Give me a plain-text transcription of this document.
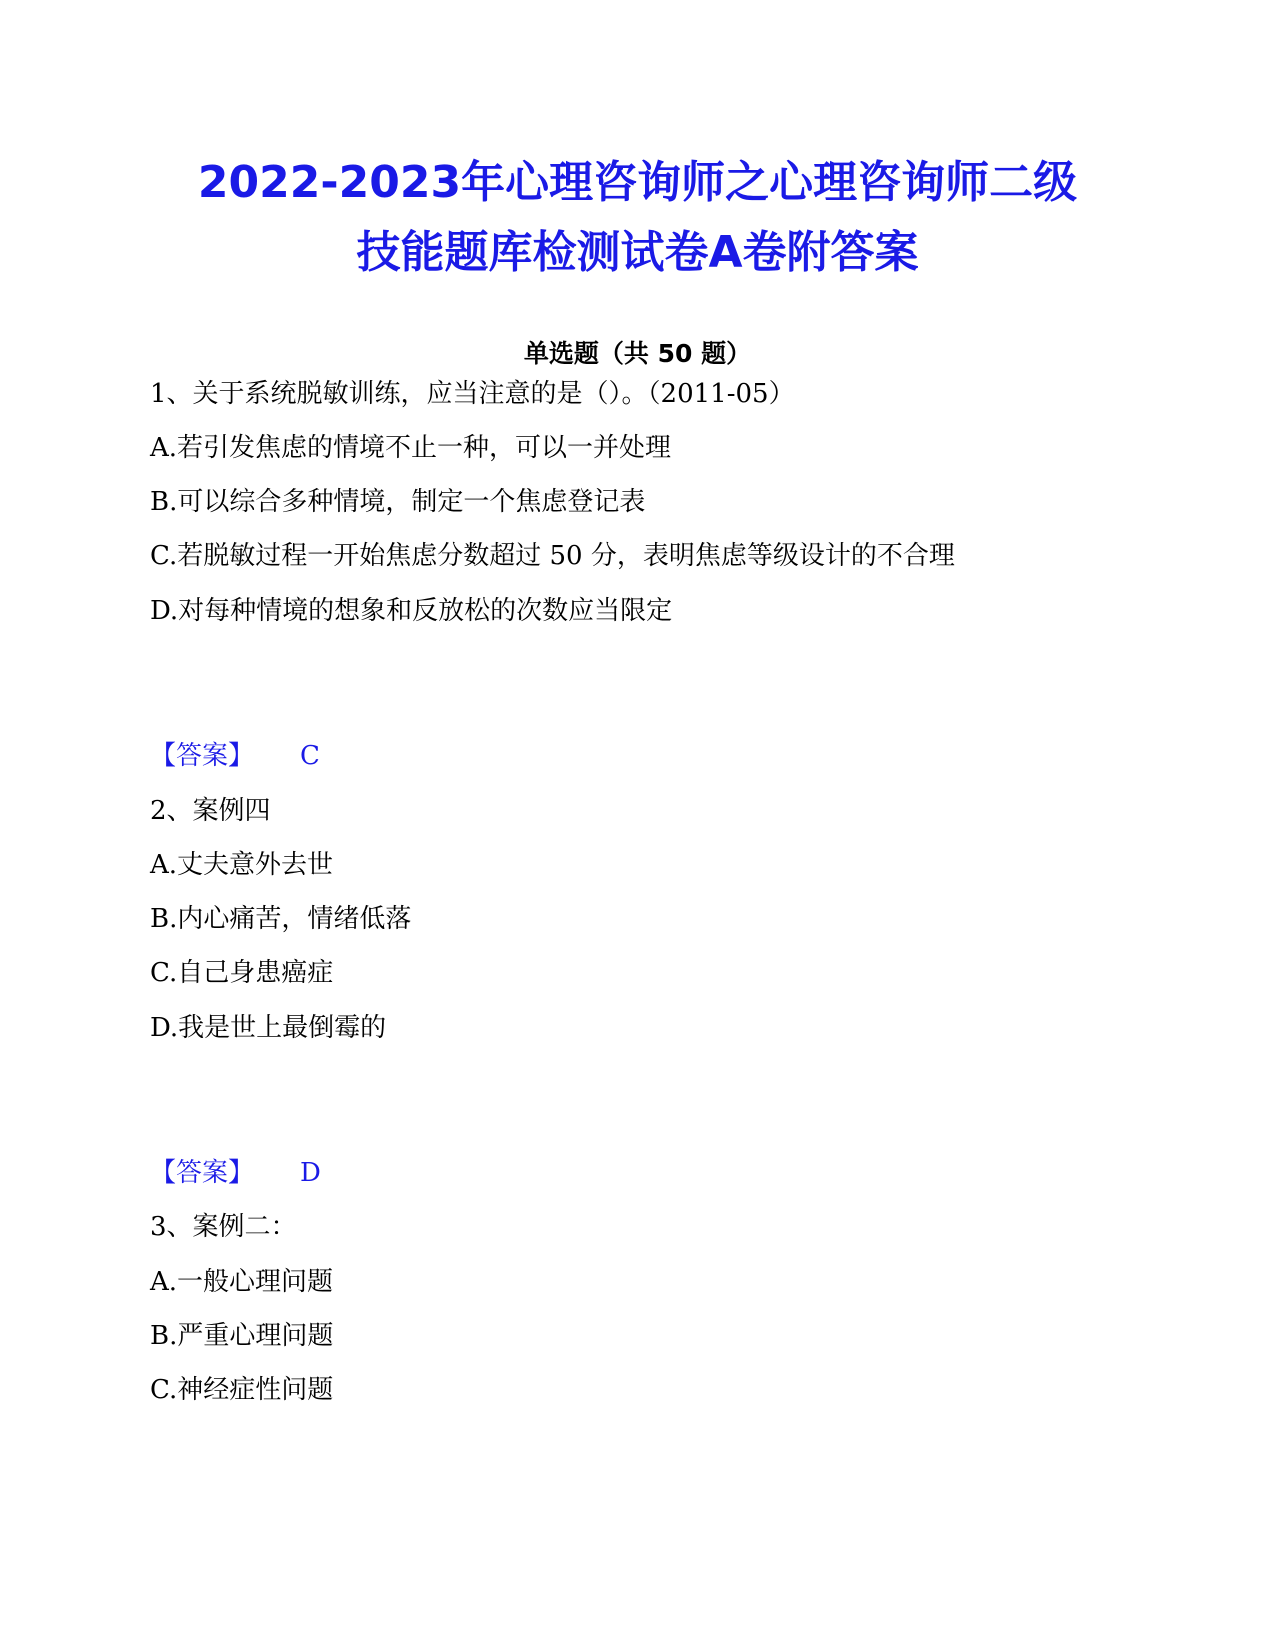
2022-2023年心理咨询师之心理咨询师二级
技能题库检测试卷A卷附答案
单选题（共 50 题）
1、关于系统脱敏训练，应当注意的是（）。（2011-05）
A.若引发焦虑的情境不止一种，可以一并处理
B.可以综合多种情境，制定一个焦虑登记表
C.若脱敏过程一开始焦虑分数超过 50 分，表明焦虑等级设计的不合理
D.对每种情境的想象和反放松的次数应当限定
【答案】 C
2、案例四
A.丈夫意外去世
B.内心痛苦，情绪低落
C.自己身患癌症
D.我是世上最倒霉的
【答案】 D
3、案例二：
A.一般心理问题
B.严重心理问题
C.神经症性问题
